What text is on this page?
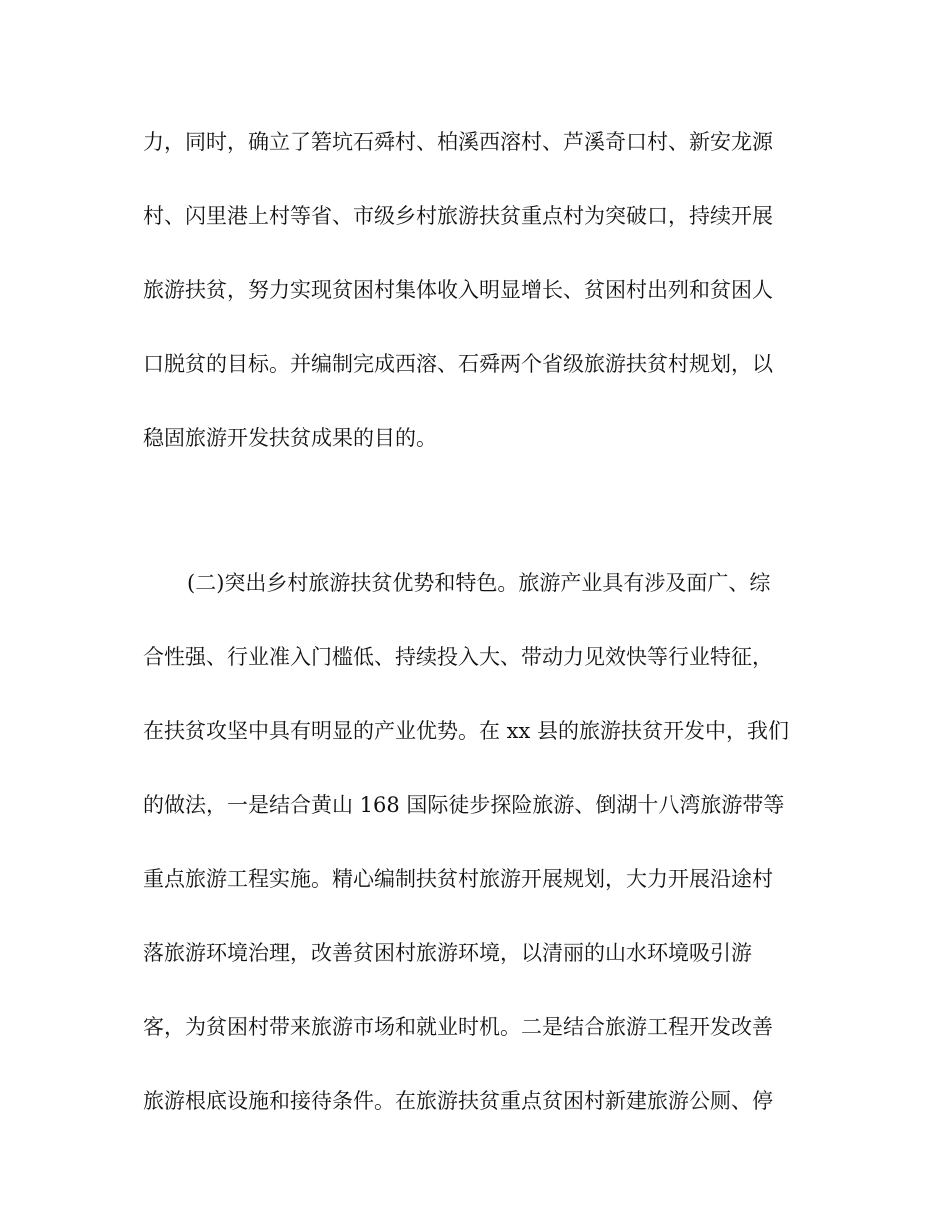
力，同时，确立了箬坑石舜村、柏溪西溶村、芦溪奇口村、新安龙源
村、闪里港上村等省、市级乡村旅游扶贫重点村为突破口，持续开展
旅游扶贫，努力实现贫困村集体收入明显增长、贫困村出列和贫困人
口脱贫的目标。并编制完成西溶、石舜两个省级旅游扶贫村规划，以
稳固旅游开发扶贫成果的目的。
(二)突出乡村旅游扶贫优势和特色。旅游产业具有涉及面广、综
合性强、行业准入门槛低、持续投入大、带动力见效快等行业特征，
在扶贫攻坚中具有明显的产业优势。在 xx 县的旅游扶贫开发中，我们
的做法，一是结合黄山 168 国际徒步探险旅游、倒湖十八湾旅游带等
重点旅游工程实施。精心编制扶贫村旅游开展规划，大力开展沿途村
落旅游环境治理，改善贫困村旅游环境，以清丽的山水环境吸引游
客，为贫困村带来旅游市场和就业时机。二是结合旅游工程开发改善
旅游根底设施和接待条件。在旅游扶贫重点贫困村新建旅游公厕、停
